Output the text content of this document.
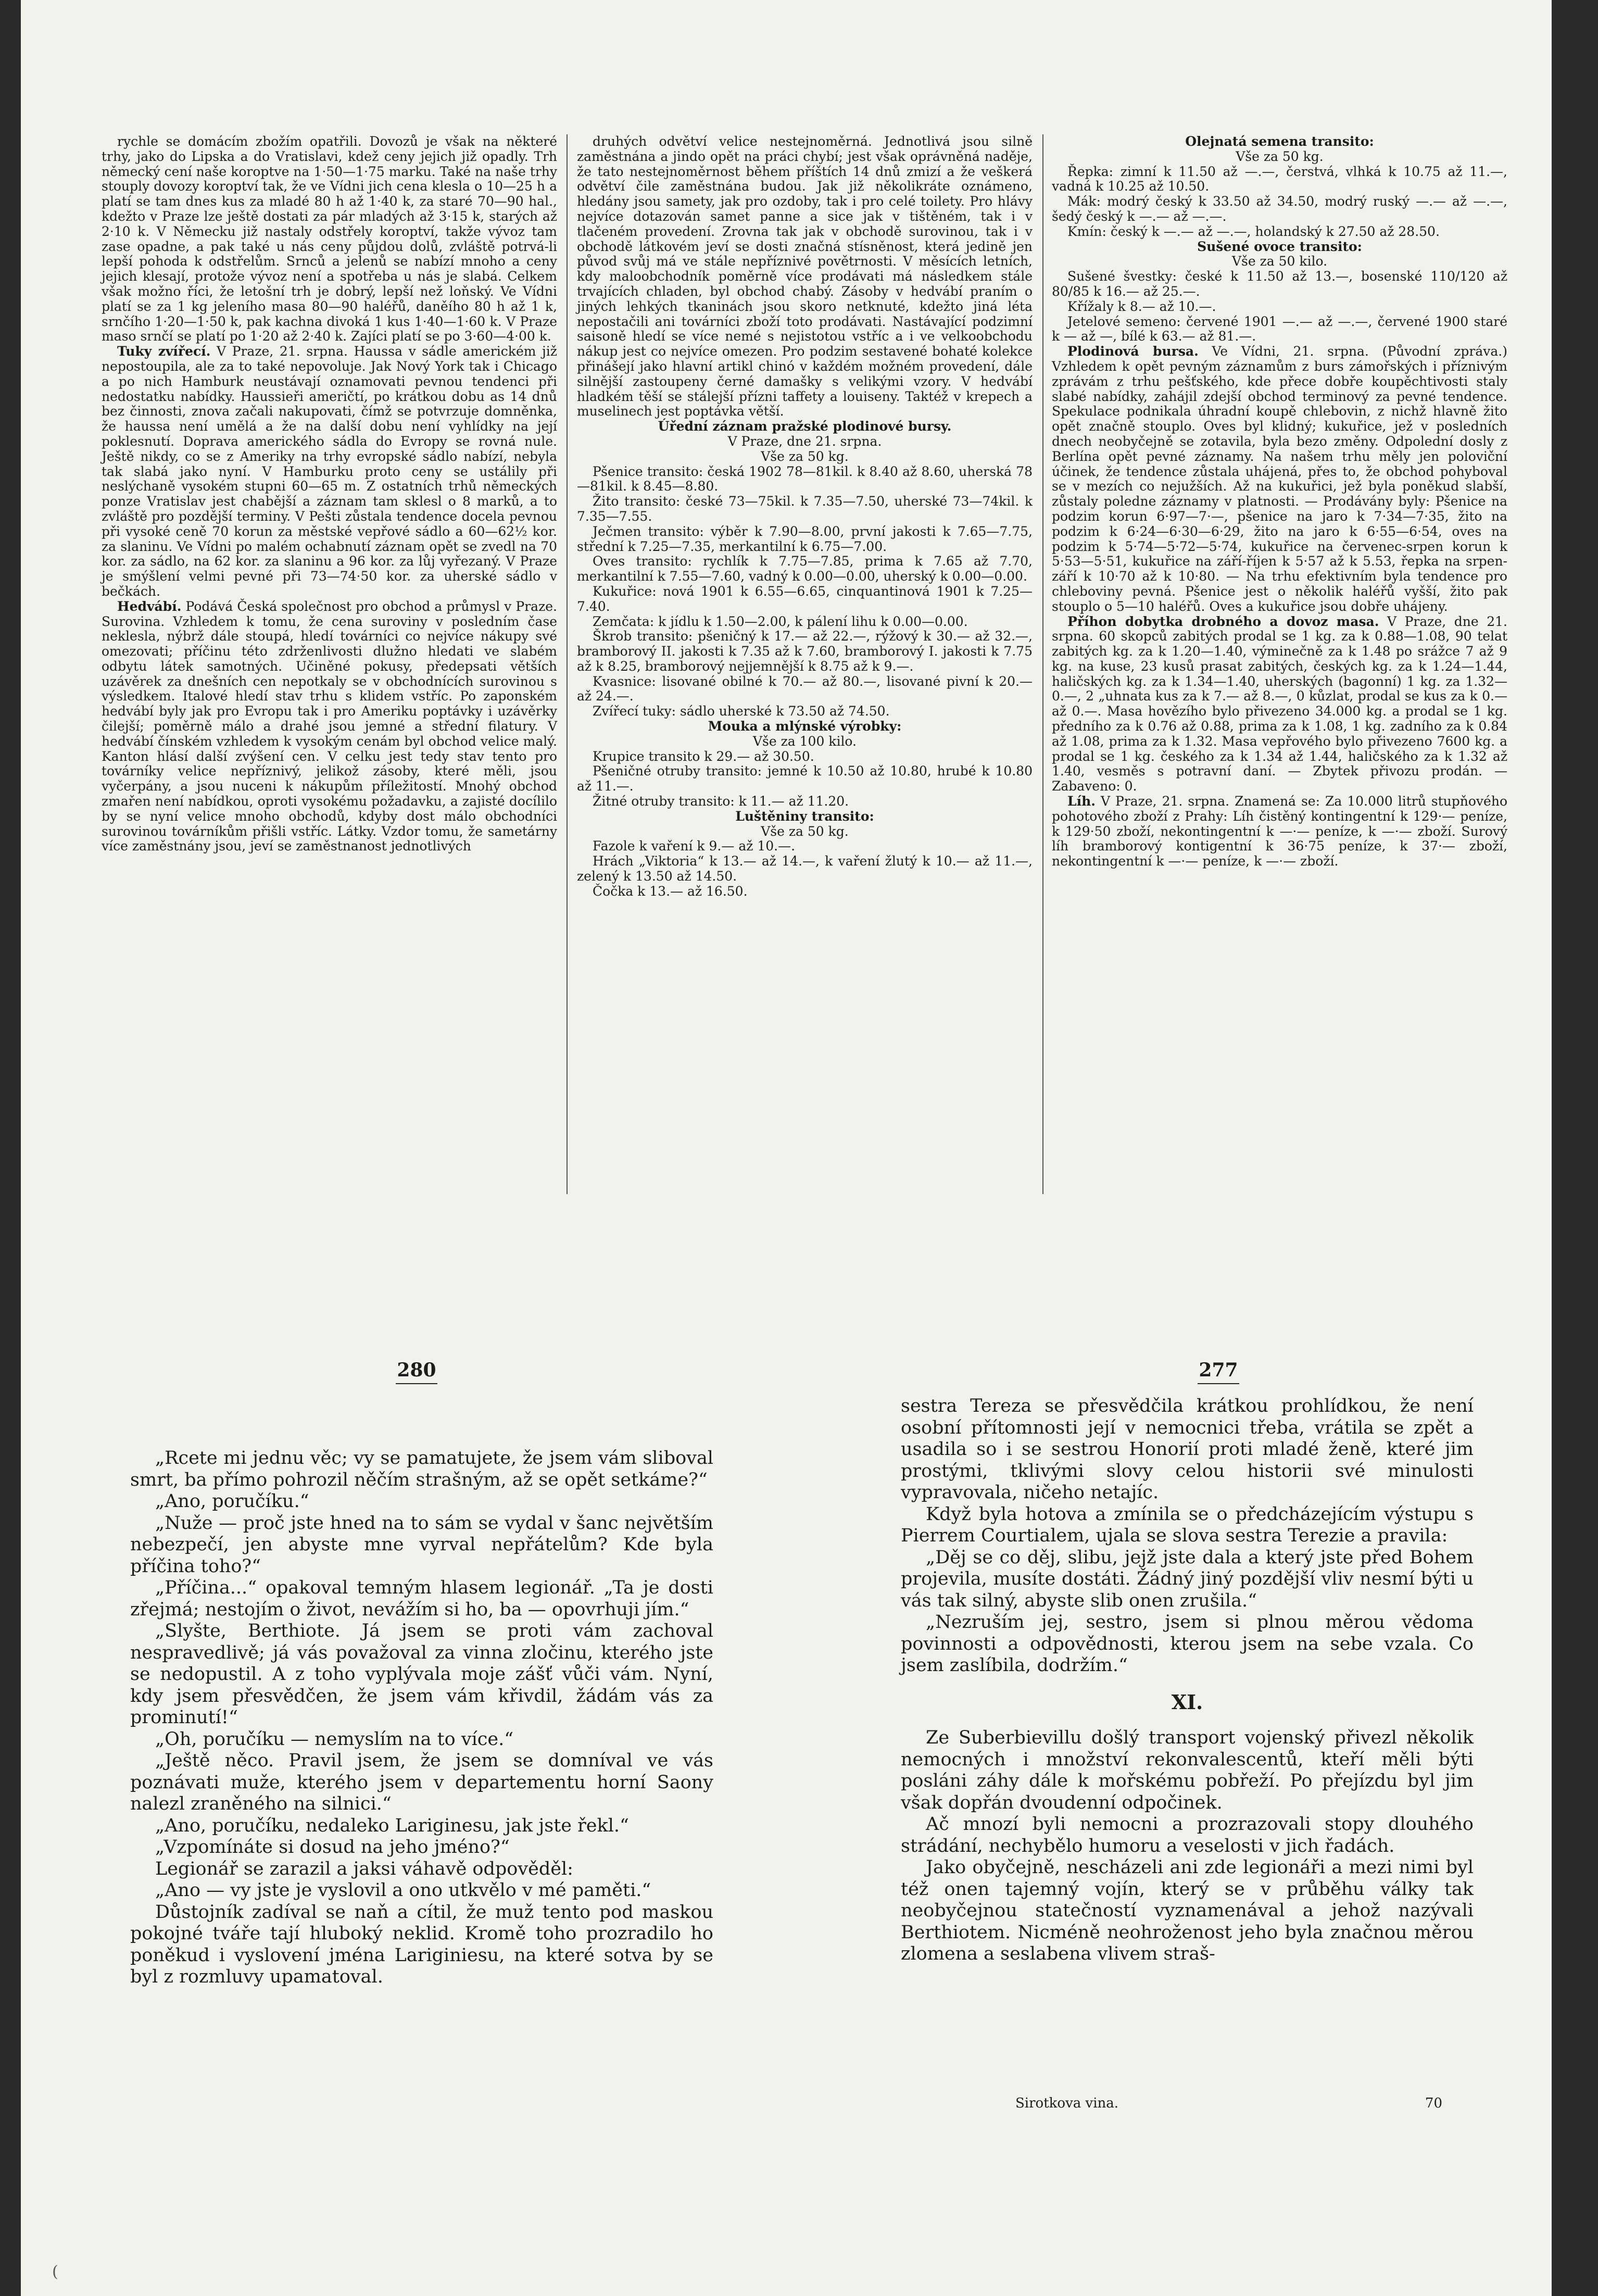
rychle se domácím zbožím opatřili. Dovozů je však na některé trhy, jako do Lipska a do Vratislavi, kdež ceny jejich již opadly. Trh německý cení naše koroptve na 1·50—1·75 marku. Také na naše trhy stouply dovozy koroptví tak, že ve Vídni jich cena klesla o 10—25 h a platí se tam dnes kus za mladé 80 h až 1·40 k, za staré 70—90 hal., kdežto v Praze lze ještě dostati za pár mladých až 3·15 k, starých až 2·10 k. V Německu již nastaly odstřely koroptví, takže vývoz tam zase opadne, a pak také u nás ceny půjdou dolů, zvláště potrvá-li lepší pohoda k odstřelům. Srnců a jelenů se nabízí mnoho a ceny jejich klesají, protože vývoz není a spotřeba u nás je slabá. Celkem však možno říci, že letošní trh je dobrý, lepší než loňský. Ve Vídni platí se za 1 kg jeleního masa 80—90 haléřů, daněího 80 h až 1 k, srnčího 1·20—1·50 k, pak kachna divoká 1 kus 1·40—1·60 k. V Praze maso srnčí se platí po 1·20 až 2·40 k. Zajíci platí se po 3·60—4·00 k.

Tuky zvířecí. V Praze, 21. srpna. Haussa v sádle americkém již nepostoupila, ale za to také nepovoluje. Jak Nový York tak i Chicago a po nich Hamburk neustávají oznamovati pevnou tendenci při nedostatku nabídky. Haussieři američtí, po krátkou dobu as 14 dnů bez činnosti, znova začali nakupovati, čímž se potvrzuje domněnka, že haussa není umělá a že na další dobu není vyhlídky na její poklesnutí. Doprava amerického sádla do Evropy se rovná nule. Ještě nikdy, co se z Ameriky na trhy evropské sádlo nabízí, nebyla tak slabá jako nyní. V Hamburku proto ceny se ustálily při neslýchaně vysokém stupni 60—65 m. Z ostatních trhů německých ponze Vratislav jest chabější a záznam tam sklesl o 8 marků, a to zvláště pro pozdější terminy. V Pešti zůstala tendence docela pevnou při vysoké ceně 70 korun za městské vepřové sádlo a 60—62½ kor. za slaninu. Ve Vídni po malém ochabnutí záznam opět se zvedl na 70 kor. za sádlo, na 62 kor. za slaninu a 96 kor. za lůj vyřezaný. V Praze je smýšlení velmi pevné při 73—74·50 kor. za uherské sádlo v bečkách.

Hedvábí. Podává Česká společnost pro obchod a průmysl v Praze. Surovina. Vzhledem k tomu, že cena suroviny v posledním čase neklesla, nýbrž dále stoupá, hledí továrníci co nejvíce nákupy své omezovati; příčinu této zdrženlivosti dlužno hledati ve slabém odbytu látek samotných. Učiněné pokusy, předepsati větších uzávěrek za dnešních cen nepotkaly se v obchodnících surovinou s výsledkem. Italové hledí stav trhu s klidem vstříc. Po zaponském hedvábí byly jak pro Evropu tak i pro Ameriku poptávky i uzávěrky čilejší; poměrně málo a drahé jsou jemné a střední filatury. V hedvábí čínském vzhledem k vysokým cenám byl obchod velice malý. Kanton hlásí další zvýšení cen. V celku jest tedy stav tento pro továrníky velice nepříznivý, jelikož zásoby, které měli, jsou vyčerpány, a jsou nuceni k nákupům příležitostí. Mnohý obchod zmařen není nabídkou, oproti vysokému požadavku, a zajisté docílilo by se nyní velice mnoho obchodů, kdyby dost málo obchodníci surovinou továrníkům přišli vstříc. Látky. Vzdor tomu, že sametárny více zaměstnány jsou, jeví se zaměstnanost jednotlivých

druhých odvětví velice nestejnoměrná. Jednotlivá jsou silně zaměstnána a jindo opět na práci chybí; jest však oprávněná naděje, že tato nestejnoměrnost během příštích 14 dnů zmizí a že veškerá odvětví čile zaměstnána budou. Jak již několikráte oznámeno, hledány jsou samety, jak pro ozdoby, tak i pro celé toilety. Pro hlávy nejvíce dotazován samet panne a sice jak v tištěném, tak i v tlačeném provedení. Zrovna tak jak v obchodě surovinou, tak i v obchodě látkovém jeví se dosti značná stísněnost, která jedině jen původ svůj má ve stále nepříznivé povětrnosti. V měsících letních, kdy maloobchodník poměrně více prodávati má následkem stále trvajících chladen, byl obchod chabý. Zásoby v hedvábí praním o jiných lehkých tkaninách jsou skoro netknuté, kdežto jiná léta nepostačili ani továrníci zboží toto prodávati. Nastávající podzimní saisoně hledí se více nemé s nejistotou vstříc a i ve velkoobchodu nákup jest co nejvíce omezen. Pro podzim sestavené bohaté kolekce přinášejí jako hlavní artikl chinó v každém možném provedení, dále silnější zastoupeny černé damašky s velikými vzory. V hedvábí hladkém těší se stálejší přízni taffety a louiseny. Taktéž v krepech a muselinech jest poptávka větší.

Úřední záznam pražské plodinové bursy.
V Praze, dne 21. srpna.
Vše za 50 kg.

Pšenice transito: česká 1902 78—81kil. k 8.40 až 8.60, uherská 78—81kil. k 8.45—8.80.

Žito transito: české 73—75kil. k 7.35—7.50, uherské 73—74kil. k 7.35—7.55.

Ječmen transito: výběr k 7.90—8.00, první jakosti k 7.65—7.75, střední k 7.25—7.35, merkantilní k 6.75—7.00.

Oves transito: rychlík k 7.75—7.85, prima k 7.65 až 7.70, merkantilní k 7.55—7.60, vadný k 0.00—0.00, uherský k 0.00—0.00.

Kukuřice: nová 1901 k 6.55—6.65, cinquantinová 1901 k 7.25—7.40.

Zemčata: k jídlu k 1.50—2.00, k pálení lihu k 0.00—0.00.

Škrob transito: pšeničný k 17.— až 22.—, rýžový k 30.— až 32.—, bramborový II. jakosti k 7.35 až k 7.60, bramborový I. jakosti k 7.75 až k 8.25, bramborový nejjemnější k 8.75 až k 9.—.

Kvasnice: lisované obilné k 70.— až 80.—, lisované pivní k 20.— až 24.—.

Zvířecí tuky: sádlo uherské k 73.50 až 74.50.

Mouka a mlýnské výrobky:
Vše za 100 kilo.

Krupice transito k 29.— až 30.50.

Pšeničné otruby transito: jemné k 10.50 až 10.80, hrubé k 10.80 až 11.—.

Žitné otruby transito: k 11.— až 11.20.

Luštěniny transito:
Vše za 50 kg.

Fazole k vaření k 9.— až 10.—.

Hrách „Viktoria“ k 13.— až 14.—, k vaření žlutý k 10.— až 11.—, zelený k 13.50 až 14.50.

Čočka k 13.— až 16.50.

Olejnatá semena transito:
Vše za 50 kg.

Řepka: zimní k 11.50 až —.—, čerstvá, vlhká k 10.75 až 11.—, vadná k 10.25 až 10.50.

Mák: modrý český k 33.50 až 34.50, modrý ruský —.— až —.—, šedý český k —.— až —.—.

Kmín: český k —.— až —.—, holandský k 27.50 až 28.50.

Sušené ovoce transito:
Vše za 50 kilo.

Sušené švestky: české k 11.50 až 13.—, bosenské 110/120 až 80/85 k 16.— až 25.—.

Křížaly k 8.— až 10.—.

Jetelové semeno: červené 1901 —.— až —.—, červené 1900 staré k — až —, bílé k 63.— až 81.—.

Plodinová bursa. Ve Vídni, 21. srpna. (Původní zpráva.) Vzhledem k opět pevným záznamům z burs zámořských i příznivým zprávám z trhu pešťského, kde přece dobře koupěchtivosti staly slabé nabídky, zahájil zdejší obchod terminový za pevné tendence. Spekulace podnikala úhradní koupě chlebovin, z nichž hlavně žito opět značně stouplo. Oves byl klidný; kukuřice, jež v posledních dnech neobyčejně se zotavila, byla bezo změny. Odpolední dosly z Berlína opět pevné záznamy. Na našem trhu měly jen poloviční účinek, že tendence zůstala uhájená, přes to, že obchod pohyboval se v mezích co nejužších. Až na kukuřici, jež byla poněkud slabší, zůstaly poledne záznamy v platnosti. — Prodávány byly: Pšenice na podzim korun 6·97—7·—, pšenice na jaro k 7·34—7·35, žito na podzim k 6·24—6·30—6·29, žito na jaro k 6·55—6·54, oves na podzim k 5·74—5·72—5·74, kukuřice na červenec-srpen korun k 5·53—5·51, kukuřice na září-říjen k 5·57 až k 5.53, řepka na srpen-září k 10·70 až k 10·80. — Na trhu efektivním byla tendence pro chleboviny pevná. Pšenice jest o několik haléřů vyšší, žito pak stouplo o 5—10 haléřů. Oves a kukuřice jsou dobře uhájeny.

Příhon dobytka drobného a dovoz masa. V Praze, dne 21. srpna. 60 skopců zabitých prodal se 1 kg. za k 0.88—1.08, 90 telat zabitých kg. za k 1.20—1.40, výminečně za k 1.48 po srážce 7 až 9 kg. na kuse, 23 kusů prasat zabitých, českých kg. za k 1.24—1.44, haličských kg. za k 1.34—1.40, uherských (bagonní) 1 kg. za 1.32—0.—, 2 „uhnata kus za k 7.— až 8.—, 0 kůzlat, prodal se kus za k 0.— až 0.—. Masa hovězího bylo přivezeno 34.000 kg. a prodal se 1 kg. předního za k 0.76 až 0.88, prima za k 1.08, 1 kg. zadního za k 0.84 až 1.08, prima za k 1.32. Masa vepřového bylo přivezeno 7600 kg. a prodal se 1 kg. českého za k 1.34 až 1.44, haličského za k 1.32 až 1.40, vesměs s potravní daní. — Zbytek přivozu prodán. — Zabaveno: 0.

Líh. V Praze, 21. srpna. Znamená se: Za 10.000 litrů stupňového pohotového zboží z Prahy: Líh čistěný kontingentní k 129·— peníze, k 129·50 zboží, nekontingentní k —·— peníze, k —·— zboží. Surový líh bramborový kontigentní k 36·75 peníze, k 37·— zboží, nekontingentní k —·— peníze, k —·— zboží.

280	277

„Rcete mi jednu věc; vy se pamatujete, že jsem vám sliboval smrt, ba přímo pohrozil něčím strašným, až se opět setkáme?“

„Ano, poručíku.“

„Nuže — proč jste hned na to sám se vydal v šanc největším nebezpečí, jen abyste mne vyrval nepřátelům? Kde byla příčina toho?“

„Příčina...“ opakoval temným hlasem legionář. „Ta je dosti zřejmá; nestojím o život, nevážím si ho, ba — opovrhuji jím.“

„Slyšte, Berthiote. Já jsem se proti vám zachoval nespravedlivě; já vás považoval za vinna zločinu, kterého jste se nedopustil. A z toho vyplývala moje zášť vůči vám. Nyní, kdy jsem přesvědčen, že jsem vám křivdil, žádám vás za prominutí!“

„Oh, poručíku — nemyslím na to více.“

„Ještě něco. Pravil jsem, že jsem se domníval ve vás poznávati muže, kterého jsem v departementu horní Saony nalezl zraněného na silnici.“

„Ano, poručíku, nedaleko Lariginesu, jak jste řekl.“

„Vzpomínáte si dosud na jeho jméno?“

Legionář se zarazil a jaksi váhavě odpověděl:

„Ano — vy jste je vyslovil a ono utkvělo v mé paměti.“

Důstojník zadíval se naň a cítil, že muž tento pod maskou pokojné tváře tají hluboký neklid. Kromě toho prozradilo ho poněkud i vyslovení jména Lariginiesu, na které sotva by se byl z rozmluvy upamatoval.

sestra Tereza se přesvědčila krátkou prohlídkou, že není osobní přítomnosti její v nemocnici třeba, vrátila se zpět a usadila so i se sestrou Honorií proti mladé ženě, které jim prostými, tklivými slovy celou historii své minulosti vypravovala, ničeho netajíc.

Když byla hotova a zmínila se o předcházejícím výstupu s Pierrem Courtialem, ujala se slova sestra Terezie a pravila:

„Děj se co děj, slibu, jejž jste dala a který jste před Bohem projevila, musíte dostáti. Žádný jiný pozdější vliv nesmí býti u vás tak silný, abyste slib onen zrušila.“

„Nezruším jej, sestro, jsem si plnou měrou vědoma povinnosti a odpovědnosti, kterou jsem na sebe vzala. Co jsem zaslíbila, dodržím.“

XI.

Ze Suberbievillu došlý transport vojenský přivezl několik nemocných i množství rekonvalescentů, kteří měli býti posláni záhy dále k mořskému pobřeží. Po přejízdu byl jim však dopřán dvoudenní odpočinek.

Ač mnozí byli nemocni a prozrazovali stopy dlouhého strádání, nechybělo humoru a veselosti v jich řadách.

Jako obyčejně, nescházeli ani zde legionáři a mezi nimi byl též onen tajemný vojín, který se v průběhu války tak neobyčejnou statečností vyznamenával a jehož nazývali Berthiotem. Nicméně neohroženost jeho byla značnou měrou zlomena a seslabena vlivem straš-

Sirotkova vina.	70
(
